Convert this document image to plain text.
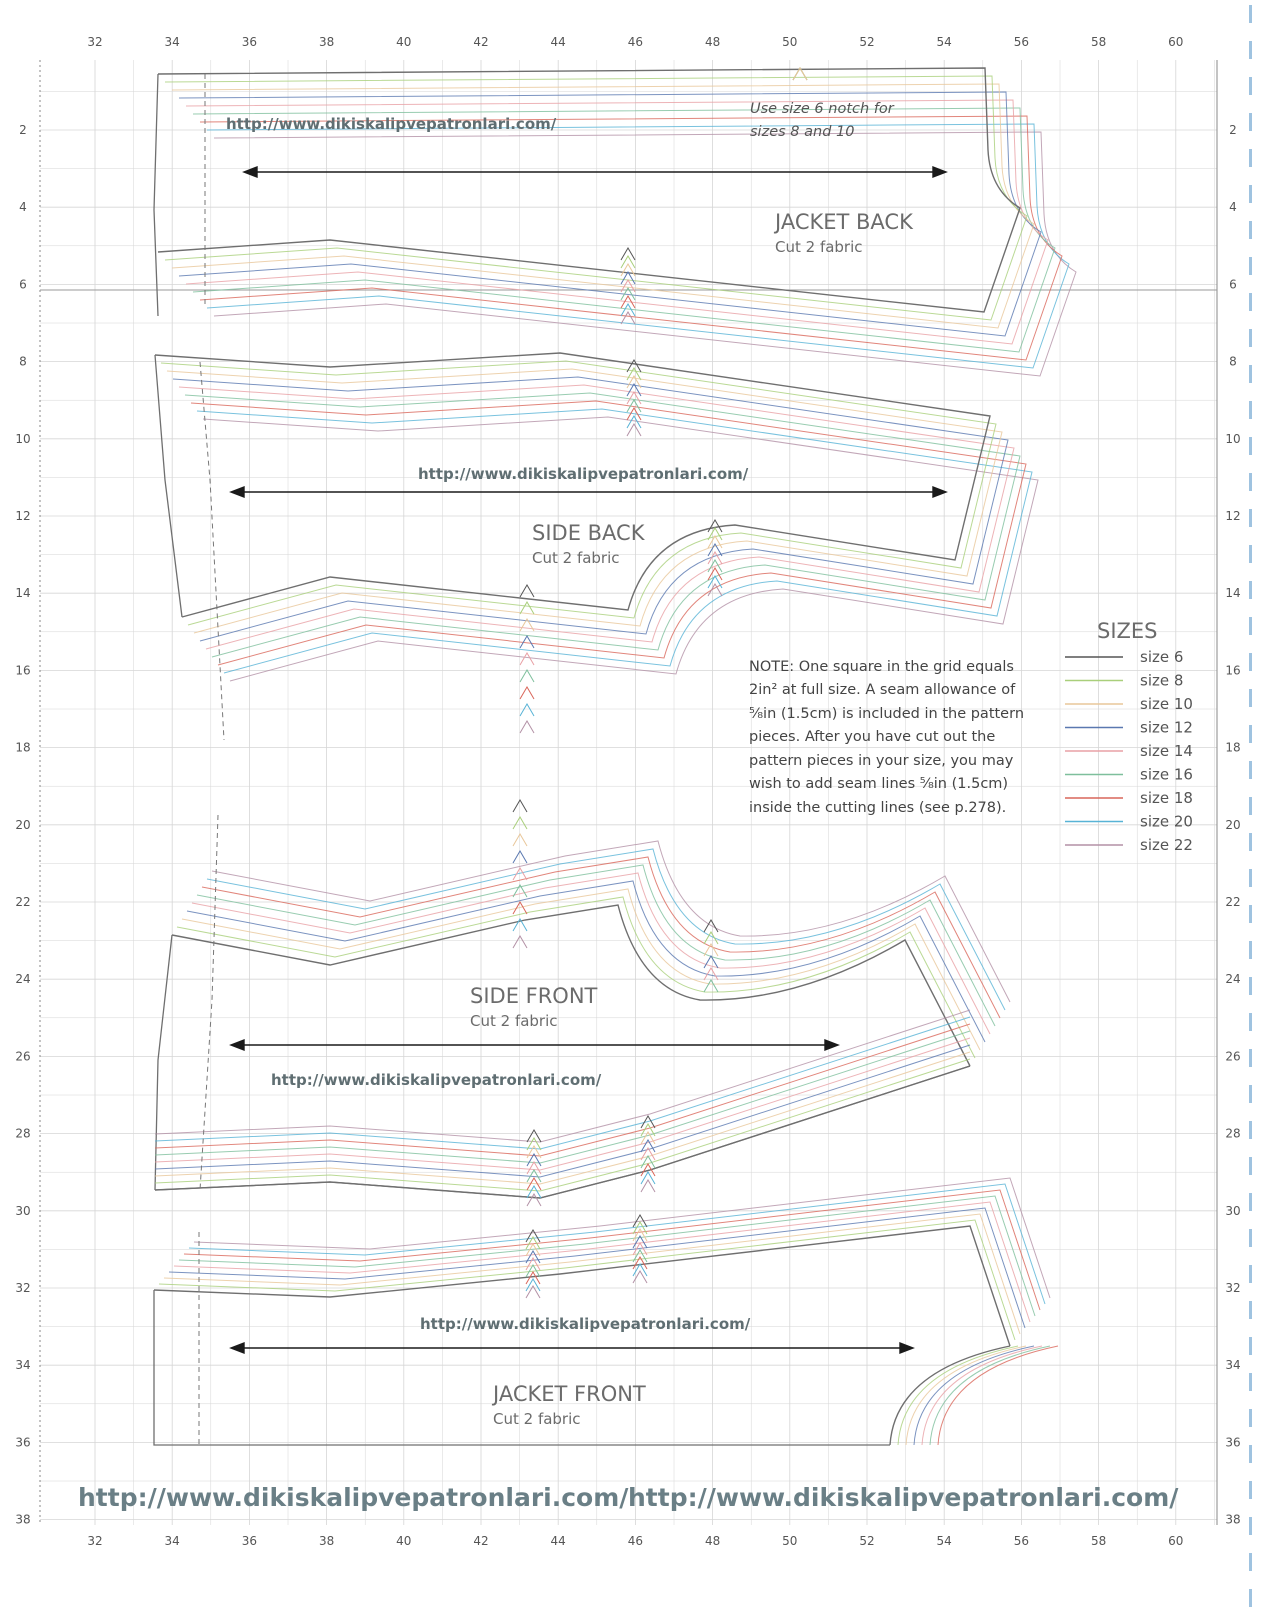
32
32
34
34
36
36
38
38
40
40
42
42
44
44
46
46
48
48
50
50
52
52
54
54
56
56
58
58
60
60
2	2
4	4
6	6
8	8
10	10
12	12
14	14
16	16
18	18
20	20
22	22
24	24
26	26
28	28
30	30
32	32
34	34
36	36
38	38
JACKET BACK
Cut 2 fabric
SIDE BACK
Cut 2 fabric
SIDE FRONT
Cut 2 fabric
JACKET FRONT
Cut 2 fabric
Use size 6 notch for
sizes 8 and 10
NOTE: One square in the grid equals
2in² at full size. A seam allowance of
⁵⁄₈in (1.5cm) is included in the pattern
pieces. After you have cut out the
pattern pieces in your size, you may
wish to add seam lines ⁵⁄₈in (1.5cm)
inside the cutting lines (see p.278).
SIZES
size 6
size 8
size 10
size 12
size 14
size 16
size 18
size 20
size 22
http://www.dikiskalipvepatronlari.com/
http://www.dikiskalipvepatronlari.com/
http://www.dikiskalipvepatronlari.com/
http://www.dikiskalipvepatronlari.com/
http://www.dikiskalipvepatronlari.com/ http://www.dikiskalipvepatronlari.com/
